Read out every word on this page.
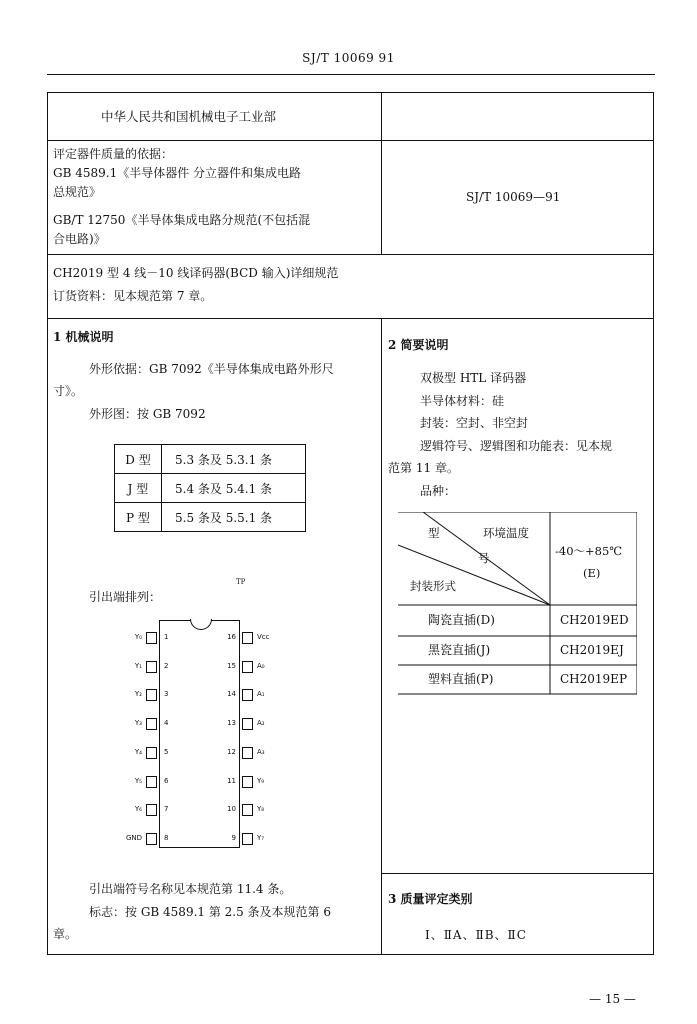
SJ/T 10069 91
中华人民共和国机械电子工业部
评定器件质量的依据：
GB 4589.1《半导体器件 分立器件和集成电路
总规范》
GB/T 12750《半导体集成电路分规范(不包括混
合电路)》
SJ/T 10069—91
CH2019 型 4 线－10 线译码器(BCD 输入)详细规范
订货资料：见本规范第 7 章。
1 机械说明
外形依据：GB 7092《半导体集成电路外形尺
寸》。
外形图：按 GB 7092
D 型	5.3 条及 5.3.1 条
J 型	5.4 条及 5.4.1 条
P 型	5.5 条及 5.5.1 条
引出端排列：
TP
Y₀	1
Y₁	2
Y₂	3
Y₃	4
Y₄	5
Y₅	6
Y₆	7
GND	8
16	Vcc
15	A₀
14	A₁
13	A₂
12	A₃
11	Y₉
10	Y₈
9	Y₇
引出端符号名称见本规范第 11.4 条。
标志：按 GB 4589.1 第 2.5 条及本规范第 6
章。
2 简要说明
双极型 HTL 译码器
半导体材料：硅
封装：空封、非空封
逻辑符号、逻辑图和功能表：见本规
范第 11 章。
品种：
型	环境温度
号
封装形式
-40～+85℃
(E)
陶瓷直插(D)	CH2019ED
黑瓷直插(J)	CH2019EJ
塑料直插(P)	CH2019EP
3 质量评定类别
Ⅰ、ⅡA、ⅡB、ⅡC
— 15 —
